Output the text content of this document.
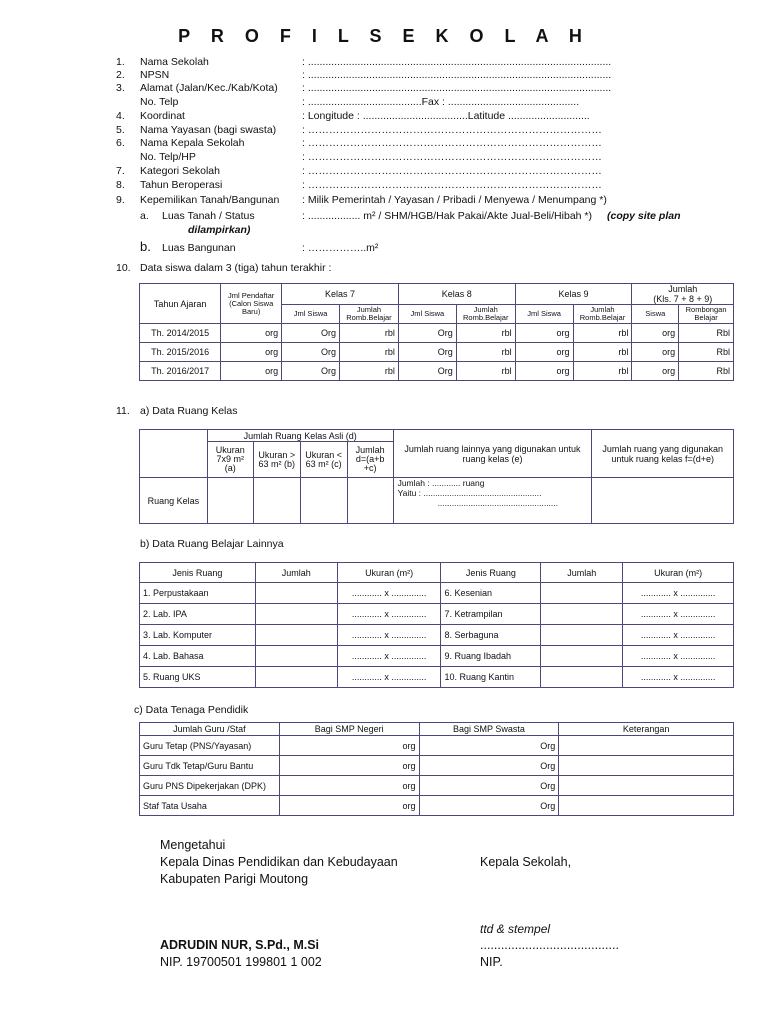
P R O F I L S E K O L A H
1. Nama Sekolah	: ........................................................................................................
2. NPSN	: ........................................................................................................
3. Alamat (Jalan/Kec./Kab/Kota) : ........................................................................................................
No. Telp	: .......................................Fax : .............................................
4. Koordinat	: Longitude : ....................................Latitude ............................
5. Nama Yayasan (bagi swasta) : …………………………………………………………………………
6. Nama Kepala Sekolah	: …………………………………………………………………………
No. Telp/HP	: …………………………………………………………………………
7. Kategori Sekolah	: …………………………………………………………………………
8. Tahun Beroperasi	: …………………………………………………………………………
9. Kepemilikan Tanah/Bangunan : Milik Pemerintah / Yayasan / Pribadi / Menyewa / Menumpang *)
a. Luas Tanah / Status	: .................. m² / SHM/HGB/Hak Pakai/Akte Jual-Beli/Hibah *) (copy site plan
dilampirkan)
b. Luas Bangunan	: ……………..m²
10. Data siswa dalam 3 (tiga) tahun terakhir :
Tahun Ajaran	Jml Pendaftar (Calon Siswa Baru)	Kelas 7		Kelas 8		Kelas 9		Jumlah
(Kls. 7 + 8 + 9)	
		Jml Siswa	Jumlah Romb.Belajar	Jml Siswa	Jumlah Romb.Belajar	Jml Siswa	Jumlah Romb.Belajar	Siswa	Rombongan Belajar
Th. 2014/2015	org	Org	rbl	Org	rbl	org	rbl	org	Rbl
Th. 2015/2016	org	Org	rbl	Org	rbl	org	rbl	org	Rbl
Th. 2016/2017	org	Org	rbl	Org	rbl	org	rbl	org	Rbl
11. a) Data Ruang Kelas
	Jumlah Ruang Kelas Asli (d)				Jumlah ruang lainnya yang digunakan untuk ruang kelas (e)	Jumlah ruang yang digunakan untuk ruang kelas f=(d+e)
	Ukuran 7x9 m² (a)	Ukuran > 63 m² (b)	Ukuran < 63 m² (c)	Jumlah d=(a+b +c)		
Ruang Kelas					Jumlah : ............ ruang
Yaitu : ..................................................
...................................................	

b) Data Ruang Belajar Lainnya
Jenis Ruang	Jumlah	Ukuran (m²)	Jenis Ruang	Jumlah	Ukuran (m²)
1. Perpustakaan		............ x ..............	6. Kesenian		............ x ..............
2. Lab. IPA		............ x ..............	7. Ketrampilan		............ x ..............
3. Lab. Komputer		............ x ..............	8. Serbaguna		............ x ..............
4. Lab. Bahasa		............ x ..............	9. Ruang Ibadah		............ x ..............
5. Ruang UKS		............ x ..............	10. Ruang Kantin		............ x ..............
c) Data Tenaga Pendidik
Jumlah Guru /Staf	Bagi SMP Negeri	Bagi SMP Swasta	Keterangan
Guru Tetap (PNS/Yayasan)	org	Org	
Guru Tdk Tetap/Guru Bantu	org	Org	
Guru PNS Dipekerjakan (DPK)	org	Org	
Staf Tata Usaha	org	Org	
Mengetahui
Kepala Dinas Pendidikan dan Kebudayaan
Kabupaten Parigi Moutong
ADRUDIN NUR, S.Pd., M.Si
NIP. 19700501 199801 1 002
Kepala Sekolah,
ttd & stempel
........................................
NIP.
